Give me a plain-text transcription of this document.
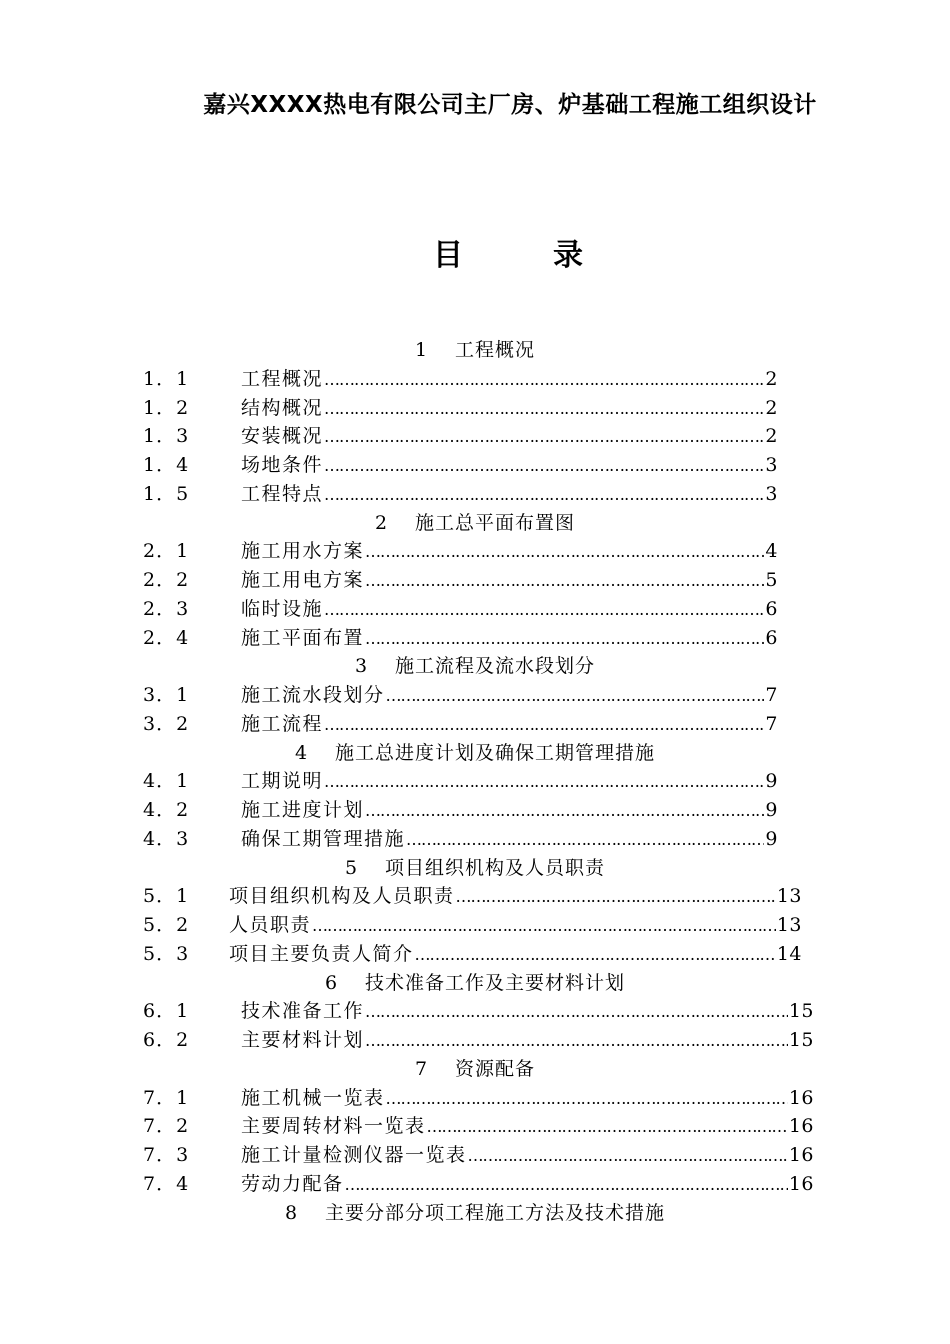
嘉兴XXXX热电有限公司主厂房、炉基础工程施工组织设计
目	录
1 工程概况
1．1	工程概况 ………………………………………………………………………………………………………………………………………………	2
1．2	结构概况 ………………………………………………………………………………………………………………………………………………	2
1．3	安装概况 ………………………………………………………………………………………………………………………………………………	2
1．4	场地条件 ………………………………………………………………………………………………………………………………………………	3
1．5	工程特点 ………………………………………………………………………………………………………………………………………………	3
2 施工总平面布置图
2．1	施工用水方案 ………………………………………………………………………………………………………………………………………………	4
2．2	施工用电方案 ………………………………………………………………………………………………………………………………………………	5
2．3	临时设施 ………………………………………………………………………………………………………………………………………………	6
2．4	施工平面布置 ………………………………………………………………………………………………………………………………………………	6
3 施工流程及流水段划分
3．1	施工流水段划分 ………………………………………………………………………………………………………………………………………………	7
3．2	施工流程 ………………………………………………………………………………………………………………………………………………	7
4 施工总进度计划及确保工期管理措施
4．1	工期说明 ………………………………………………………………………………………………………………………………………………	9
4．2	施工进度计划 ………………………………………………………………………………………………………………………………………………	9
4．3	确保工期管理措施 ………………………………………………………………………………………………………………………………………………	9
5 项目组织机构及人员职责
5．1 项目组织机构及人员职责 ………………………………………………………………………………………………………………………………………………	13
5．2 人员职责 ………………………………………………………………………………………………………………………………………………	13
5．3 项目主要负责人简介 ………………………………………………………………………………………………………………………………………………	14
6 技术准备工作及主要材料计划
6．1	技术准备工作 ………………………………………………………………………………………………………………………………………………	15
6．2	主要材料计划 ………………………………………………………………………………………………………………………………………………	15
7 资源配备
7．1	施工机械一览表 ………………………………………………………………………………………………………………………………………………	16
7．2	主要周转材料一览表 ………………………………………………………………………………………………………………………………………………	16
7．3	施工计量检测仪器一览表 ………………………………………………………………………………………………………………………………………………	16
7．4	劳动力配备 ………………………………………………………………………………………………………………………………………………	16
8 主要分部分项工程施工方法及技术措施
